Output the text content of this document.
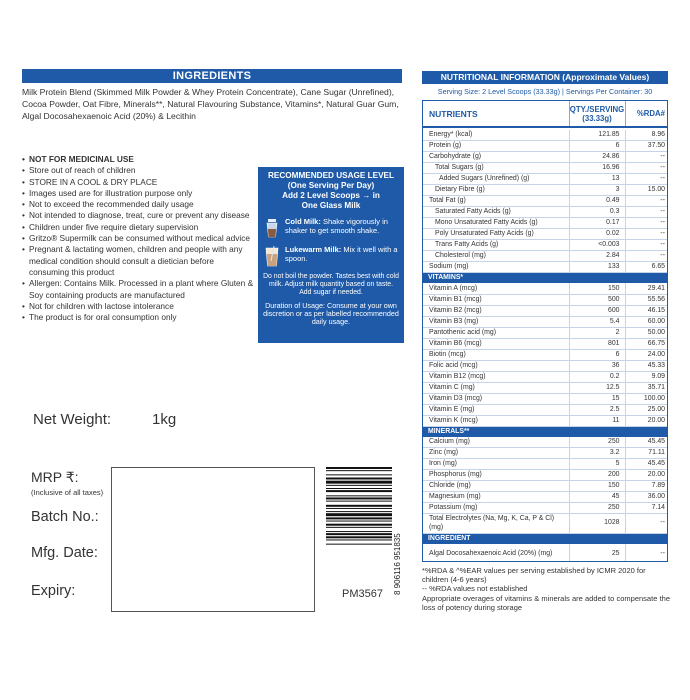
INGREDIENTS
Milk Protein Blend (Skimmed Milk Powder & Whey Protein Concentrate), Cane Sugar (Unrefined), Cocoa Powder, Oat Fibre, Minerals**, Natural Flavouring Substance, Vitamins*, Natural Guar Gum, Algal Docosahexaenoic Acid (20%) & Lecithin
• NOT FOR MEDICINAL USE
• Store out of reach of children
• STORE IN A COOL & DRY PLACE
• Images used are for illustration purpose only
• Not to exceed the recommended daily usage
• Not intended to diagnose, treat, cure or prevent any disease
• Children under five require dietary supervision
• Gritzo® Supermilk can be consumed without medical advice
• Pregnant & lactating women, children and people with any medical condition should consult a dietician before consuming this product
• Allergen: Contains Milk. Processed in a plant where Gluten & Soy containing products are manufactured
• Not for children with lactose intolerance
• The product is for oral consumption only
RECOMMENDED USAGE LEVEL
(One Serving Per Day)
Add 2 Level Scoops → in
One Glass Milk
Cold Milk: Shake vigorously in shaker to get smooth shake.
Lukewarm Milk: Mix it well with a spoon.
Do not boil the powder. Tastes best with cold milk. Adjust milk quantity based on taste. Add sugar if needed.
Duration of Usage: Consume at your own discretion or as per labelled recommended daily usage.
Net Weight:	1kg
MRP ₹:
(Inclusive of all taxes)
Batch No.:
Mfg. Date:
Expiry:	8 906116 951835
PM3567
NUTRITIONAL INFORMATION (Approximate Values)
Serving Size: 2 Level Scoops (33.33g) | Servings Per Container: 30
NUTRIENTS	QTY./SERVING (33.33g)	%RDA#

Energy* (kcal)	121.85	8.96
Protein (g)	6	37.50
Carbohydrate (g)	24.86	--
Total Sugars (g)	16.96	--
Added Sugars (Unrefined) (g)	13	--
Dietary Fibre (g)	3	15.00
Total Fat (g)	0.49	--
Saturated Fatty Acids (g)	0.3	--
Mono Unsaturated Fatty Acids (g)	0.17	--
Poly Unsaturated Fatty Acids (g)	0.02	--
Trans Fatty Acids (g)	<0.003	--
Cholesterol (mg)	2.84	--
Sodium (mg)	133	6.65
VITAMINS*		
Vitamin A (mcg)	150	29.41
Vitamin B1 (mcg)	500	55.56
Vitamin B2 (mcg)	600	46.15
Vitamin B3 (mg)	5.4	60.00
Pantothenic acid (mg)	2	50.00
Vitamin B6 (mcg)	801	66.75
Biotin (mcg)	6	24.00
Folic acid (mcg)	36	45.33
Vitamin B12 (mcg)	0.2	9.09
Vitamin C (mg)	12.5	35.71
Vitamin D3 (mcg)	15	100.00
Vitamin E (mg)	2.5	25.00
Vitamin K (mcg)	11	20.00
MINERALS**		
Calcium (mg)	250	45.45
Zinc (mg)	3.2	71.11
Iron (mg)	5	45.45
Phosphorus (mg)	200	20.00
Chloride (mg)	150	7.89
Magnesium (mg)	45	36.00
Potassium (mg)	250	7.14
Total Electrolytes (Na, Mg, K, Ca, P & Cl) (mg)	1028	--
INGREDIENT		
Algal Docosahexaenoic Acid (20%) (mg)	25	--

*%RDA & ^%EAR values per serving established by ICMR 2020 for children (4-6 years)

-- %RDA values not established

Appropriate overages of vitamins & minerals are added to compensate the loss of potency during storage
